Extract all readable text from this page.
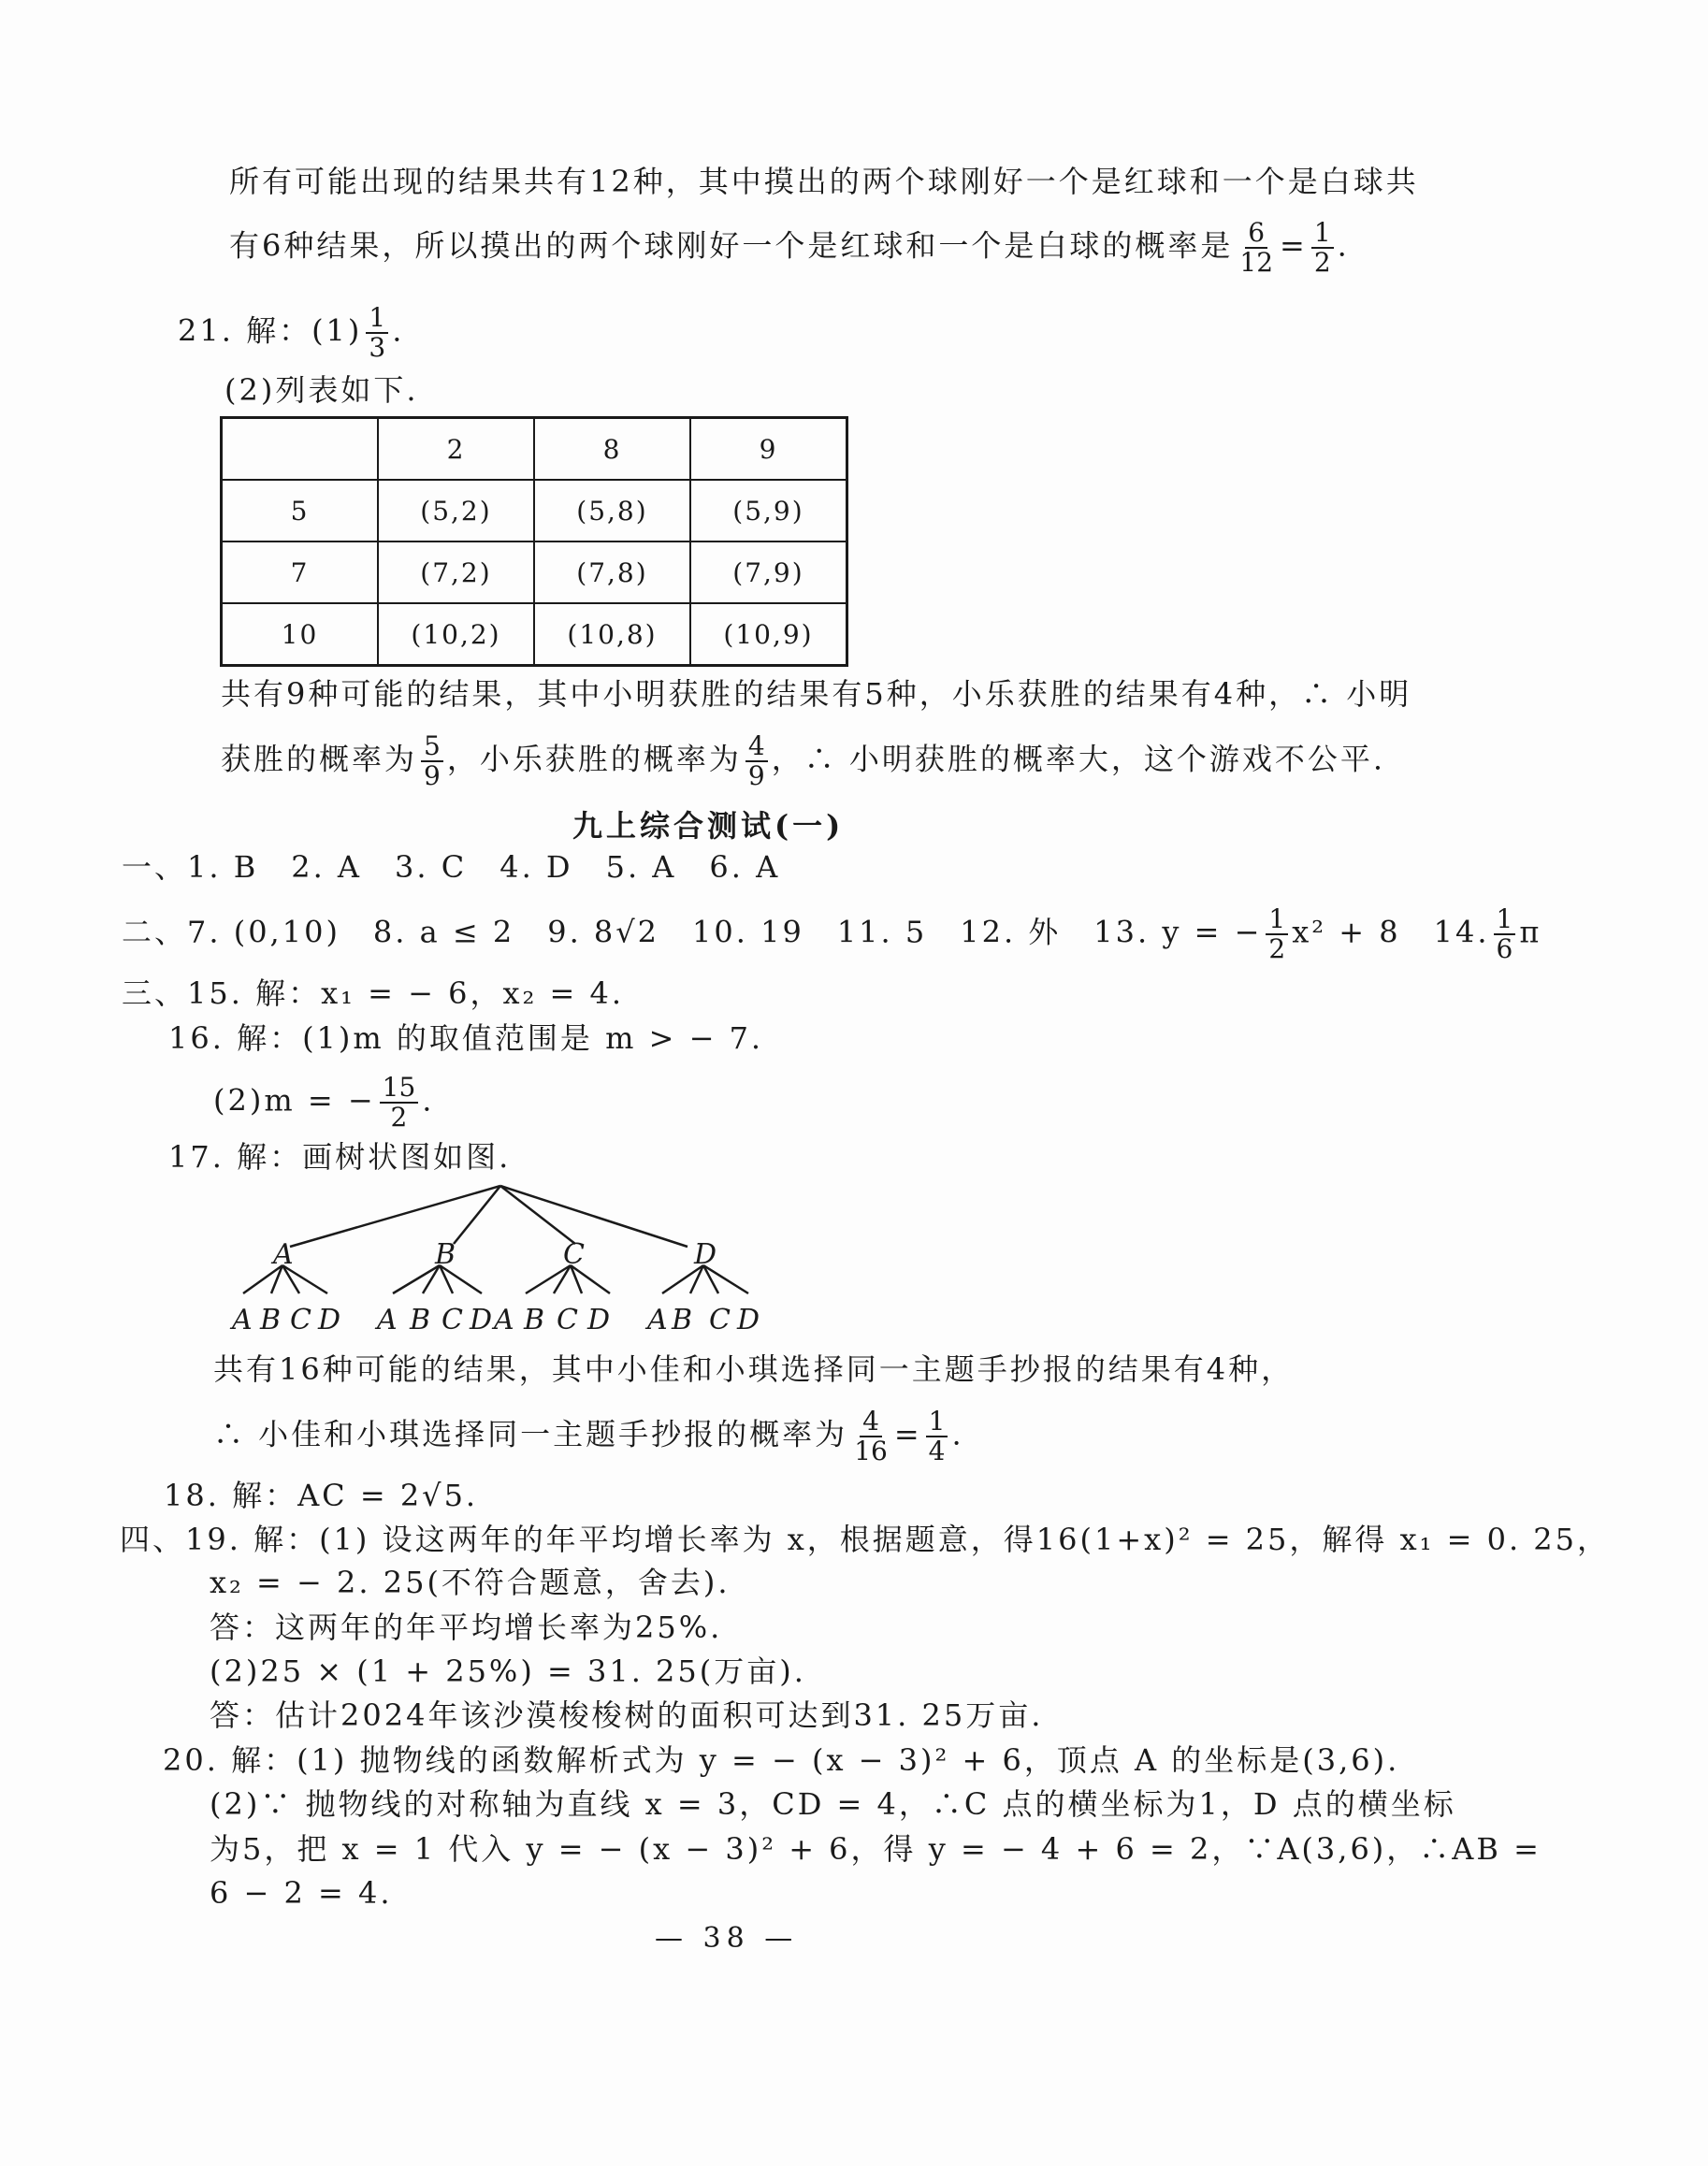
所有可能出现的结果共有12种，其中摸出的两个球刚好一个是红球和一个是白球共
有6种结果，所以摸出的两个球刚好一个是红球和一个是白球的概率是 $\frac{6}{12} = \frac{1}{2}$ .
21. 解：$(1) \frac{1}{3}$ .
(2)列表如下.
	2	8	9
5	(5,2)	(5,8)	(5,9)
7	(7,2)	(7,8)	(7,9)
10	(10,2)	(10,8)	(10,9)
共有9种可能的结果，其中小明获胜的结果有5种，小乐获胜的结果有4种，∴ 小明
获胜的概率为 $\frac{5}{9}$ ，小乐获胜的概率为 $\frac{4}{9}$ ，∴ 小明获胜的概率大，这个游戏不公平.
九上综合测试(一)
一、1. B　2. A　3. C　4. D　5. A　6. A
二、7. (0,10)　8. a ≤ 2　9. 8√2　10. 19　11. 5　12. 外　13. y = − $\frac{1}{2} x^2 + 8$　14. $\frac{1}{6}$ π
三、15. 解：x₁ = − 6，x₂ = 4.
16. 解：(1)m 的取值范围是 m > − 7.
(2)m = − $\frac{15}{2}$ .
17. 解：画树状图如图.
A	B	C	D
A B C D A B C D A B C D A B C D
共有16种可能的结果，其中小佳和小琪选择同一主题手抄报的结果有4种，
∴ 小佳和小琪选择同一主题手抄报的概率为 $\frac{4}{16} = \frac{1}{4}$ .
18. 解：AC = 2√5.
四、19. 解：(1) 设这两年的年平均增长率为 x，根据题意，得16(1+x)² = 25，解得 x₁ = 0. 25，
x₂ = − 2. 25(不符合题意，舍去).
答：这两年的年平均增长率为25%.
(2)25 × (1 + 25%) = 31. 25(万亩).
答：估计2024年该沙漠梭梭树的面积可达到31. 25万亩.
20. 解：(1) 抛物线的函数解析式为 y = − (x − 3)² + 6，顶点 A 的坐标是(3,6).
(2)∵ 抛物线的对称轴为直线 x = 3，CD = 4，∴C 点的横坐标为1，D 点的横坐标
为5，把 x = 1 代入 y = − (x − 3)² + 6，得 y = − 4 + 6 = 2，∵A(3,6)，∴AB =
6 − 2 = 4.
— 38 —
